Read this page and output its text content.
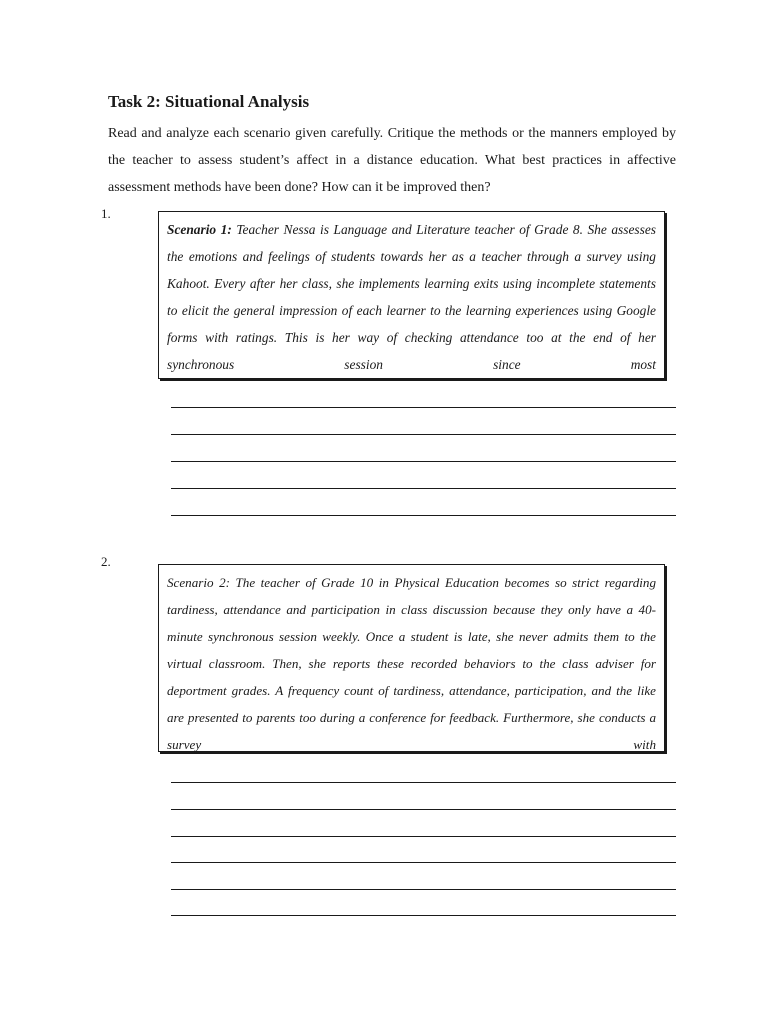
Task 2: Situational Analysis

Read and analyze each scenario given carefully. Critique the methods or the manners employed by the teacher to assess student’s affect in a distance education. What best practices in affective assessment methods have been done? How can it be improved then?

1.

Scenario 1: Teacher Nessa is Language and Literature teacher of Grade 8. She assesses the emotions and feelings of students towards her as a teacher through a survey using Kahoot. Every after her class, she implements learning exits using incomplete statements to elicit the general impression of each learner to the learning experiences using Google forms with ratings. This is her way of checking attendance too at the end of her synchronous session since most

2.

Scenario 2: The teacher of Grade 10 in Physical Education becomes so strict regarding tardiness, attendance and participation in class discussion because they only have a 40-minute synchronous session weekly. Once a student is late, she never admits them to the virtual classroom. Then, she reports these recorded behaviors to the class adviser for deportment grades. A frequency count of tardiness, attendance, participation, and the like are presented to parents too during a conference for feedback. Furthermore, she conducts a survey with
